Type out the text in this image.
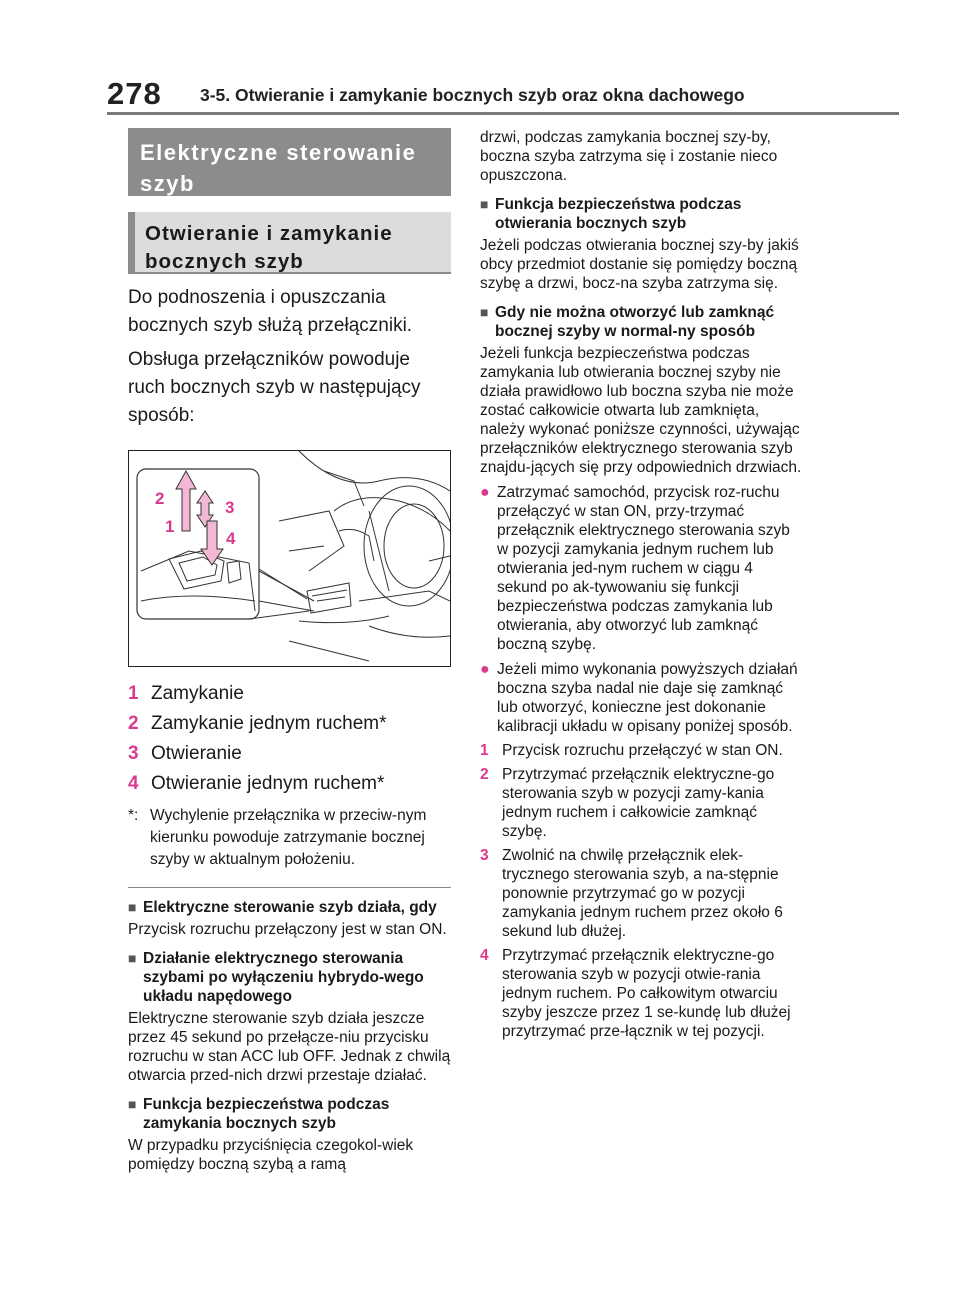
278 3-5. Otwieranie i zamykanie bocznych szyb oraz okna dachowego
Elektryczne sterowanie szyb
Otwieranie i zamykanie bocznych szyb

Do podnoszenia i opuszczania bocznych szyb służą przełączniki.

Obsługa przełączników powoduje ruch bocznych szyb w następujący sposób:

2
1
3
4
1 Zamykanie
2 Zamykanie jednym ruchem*
3 Otwieranie
4 Otwieranie jednym ruchem*
*: Wychylenie przełącznika w przeciw-nym kierunku powoduje zatrzymanie bocznej szyby w aktualnym położeniu.
■ Elektryczne sterowanie szyb działa, gdy
Przycisk rozruchu przełączony jest w stan ON.
■ Działanie elektrycznego sterowania szybami po wyłączeniu hybrydo-wego układu napędowego
Elektryczne sterowanie szyb działa jeszcze przez 45 sekund po przełącze-niu przycisku rozruchu w stan ACC lub OFF. Jednak z chwilą otwarcia przed-nich drzwi przestaje działać.
■ Funkcja bezpieczeństwa podczas zamykania bocznych szyb
W przypadku przyciśnięcia czegokol-wiek pomiędzy boczną szybą a ramą
drzwi, podczas zamykania bocznej szy-by, boczna szyba zatrzyma się i zostanie nieco opuszczona.
■ Funkcja bezpieczeństwa podczas otwierania bocznych szyb
Jeżeli podczas otwierania bocznej szy-by jakiś obcy przedmiot dostanie się pomiędzy boczną szybę a drzwi, bocz-na szyba zatrzyma się.
■ Gdy nie można otworzyć lub zamknąć bocznej szyby w normal-ny sposób
Jeżeli funkcja bezpieczeństwa podczas zamykania lub otwierania bocznej szyby nie działa prawidłowo lub boczna szyba nie może zostać całkowicie otwarta lub zamknięta, należy wykonać poniższe czynności, używając przełączników elektrycznego sterowania szyb znajdu-jących się przy odpowiednich drzwiach.
● Zatrzymać samochód, przycisk roz-ruchu przełączyć w stan ON, przy-trzymać przełącznik elektrycznego sterowania szyb w pozycji zamykania jednym ruchem lub otwierania jed-nym ruchem w ciągu 4 sekund po ak-tywowaniu się funkcji bezpieczeństwa podczas zamykania lub otwierania, aby otworzyć lub zamknąć boczną szybę.
● Jeżeli mimo wykonania powyższych działań boczna szyba nadal nie daje się zamknąć lub otworzyć, konieczne jest dokonanie kalibracji układu w opisany poniżej sposób.
1 Przycisk rozruchu przełączyć w stan ON.
2 Przytrzymać przełącznik elektryczne-go sterowania szyb w pozycji zamy-kania jednym ruchem i całkowicie zamknąć szybę.
3 Zwolnić na chwilę przełącznik elek-trycznego sterowania szyb, a na-stępnie ponownie przytrzymać go w pozycji zamykania jednym ruchem przez około 6 sekund lub dłużej.
4 Przytrzymać przełącznik elektryczne-go sterowania szyb w pozycji otwie-rania jednym ruchem. Po całkowitym otwarciu szyby jeszcze przez 1 se-kundę lub dłużej przytrzymać prze-łącznik w tej pozycji.
